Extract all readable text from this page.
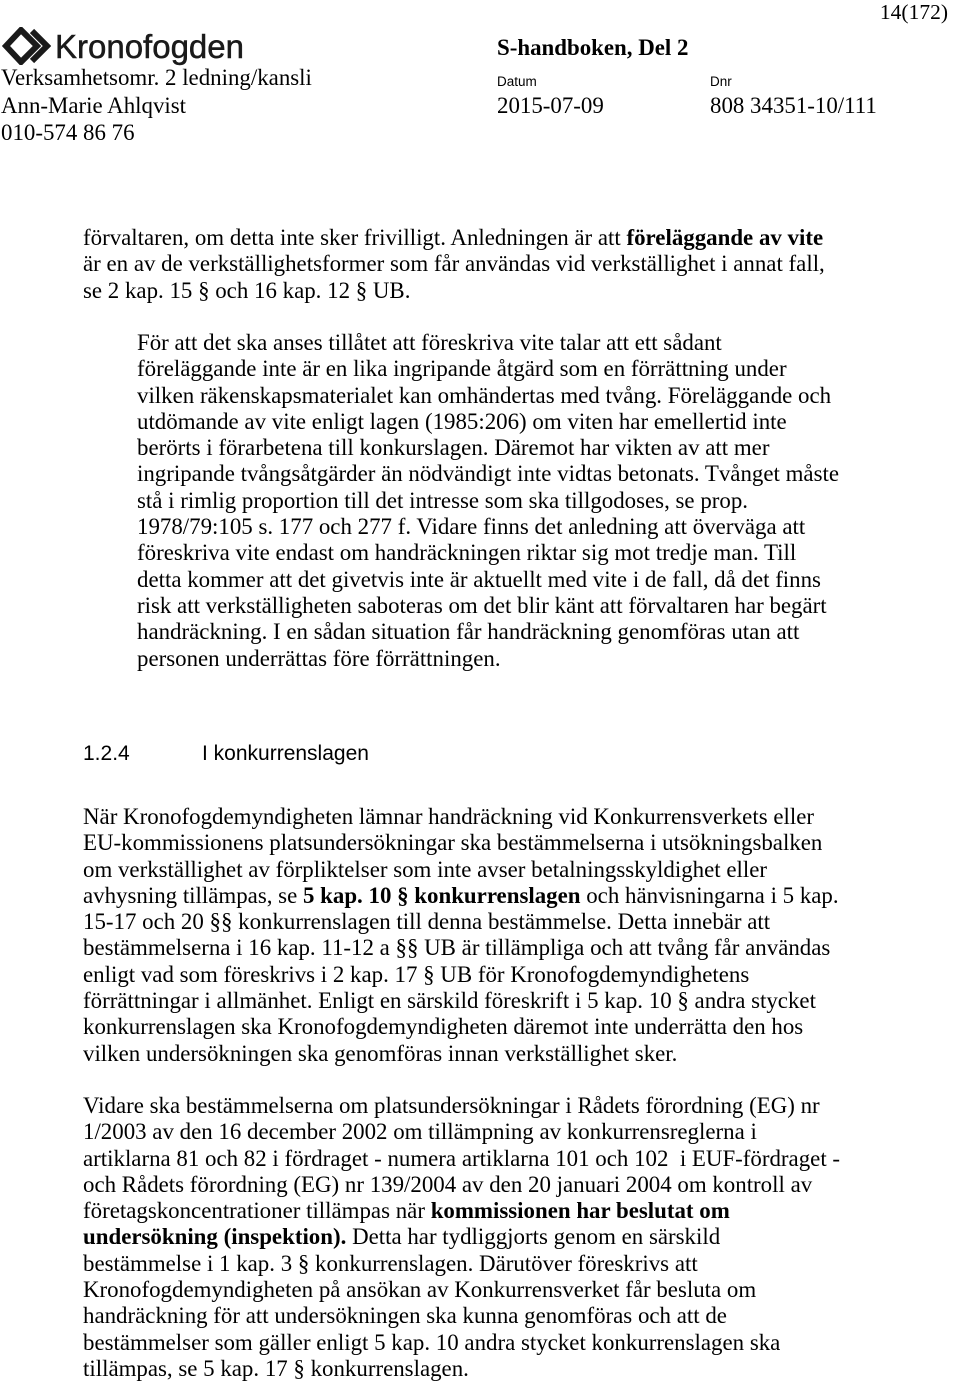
14(172)
Kronofogden	S-handboken, Del 2
Verksamhetsomr. 2 ledning/kansli	Datum	Dnr
Ann-Marie Ahlqvist	2015-07-09	808 34351-10/111
010-574 86 76
förvaltaren, om detta inte sker frivilligt. Anledningen är att föreläggande av vite
är en av de verkställighetsformer som får användas vid verkställighet i annat fall,
se 2 kap. 15 § och 16 kap. 12 § UB.
För att det ska anses tillåtet att föreskriva vite talar att ett sådant
föreläggande inte är en lika ingripande åtgärd som en förrättning under
vilken räkenskapsmaterialet kan omhändertas med tvång. Föreläggande och
utdömande av vite enligt lagen (1985:206) om viten har emellertid inte
berörts i förarbetena till konkurslagen. Däremot har vikten av att mer
ingripande tvångsåtgärder än nödvändigt inte vidtas betonats. Tvånget måste
stå i rimlig proportion till det intresse som ska tillgodoses, se prop.
1978/79:105 s. 177 och 277 f. Vidare finns det anledning att överväga att
föreskriva vite endast om handräckningen riktar sig mot tredje man. Till
detta kommer att det givetvis inte är aktuellt med vite i de fall, då det finns
risk att verkställigheten saboteras om det blir känt att förvaltaren har begärt
handräckning. I en sådan situation får handräckning genomföras utan att
personen underrättas före förrättningen.
1.2.4	I konkurrenslagen
När Kronofogdemyndigheten lämnar handräckning vid Konkurrensverkets eller
EU-kommissionens platsundersökningar ska bestämmelserna i utsökningsbalken
om verkställighet av förpliktelser som inte avser betalningsskyldighet eller
avhysning tillämpas, se 5 kap. 10 § konkurrenslagen och hänvisningarna i 5 kap.
15-17 och 20 §§ konkurrenslagen till denna bestämmelse. Detta innebär att
bestämmelserna i 16 kap. 11-12 a §§ UB är tillämpliga och att tvång får användas
enligt vad som föreskrivs i 2 kap. 17 § UB för Kronofogdemyndighetens
förrättningar i allmänhet. Enligt en särskild föreskrift i 5 kap. 10 § andra stycket
konkurrenslagen ska Kronofogdemyndigheten däremot inte underrätta den hos
vilken undersökningen ska genomföras innan verkställighet sker.
Vidare ska bestämmelserna om platsundersökningar i Rådets förordning (EG) nr
1/2003 av den 16 december 2002 om tillämpning av konkurrensreglerna i
artiklarna 81 och 82 i fördraget - numera artiklarna 101 och 102  i EUF-fördraget -
och Rådets förordning (EG) nr 139/2004 av den 20 januari 2004 om kontroll av
företagskoncentrationer tillämpas när kommissionen har beslutat om
undersökning (inspektion). Detta har tydliggjorts genom en särskild
bestämmelse i 1 kap. 3 § konkurrenslagen. Därutöver föreskrivs att
Kronofogdemyndigheten på ansökan av Konkurrensverket får besluta om
handräckning för att undersökningen ska kunna genomföras och att de
bestämmelser som gäller enligt 5 kap. 10 andra stycket konkurrenslagen ska
tillämpas, se 5 kap. 17 § konkurrenslagen.
